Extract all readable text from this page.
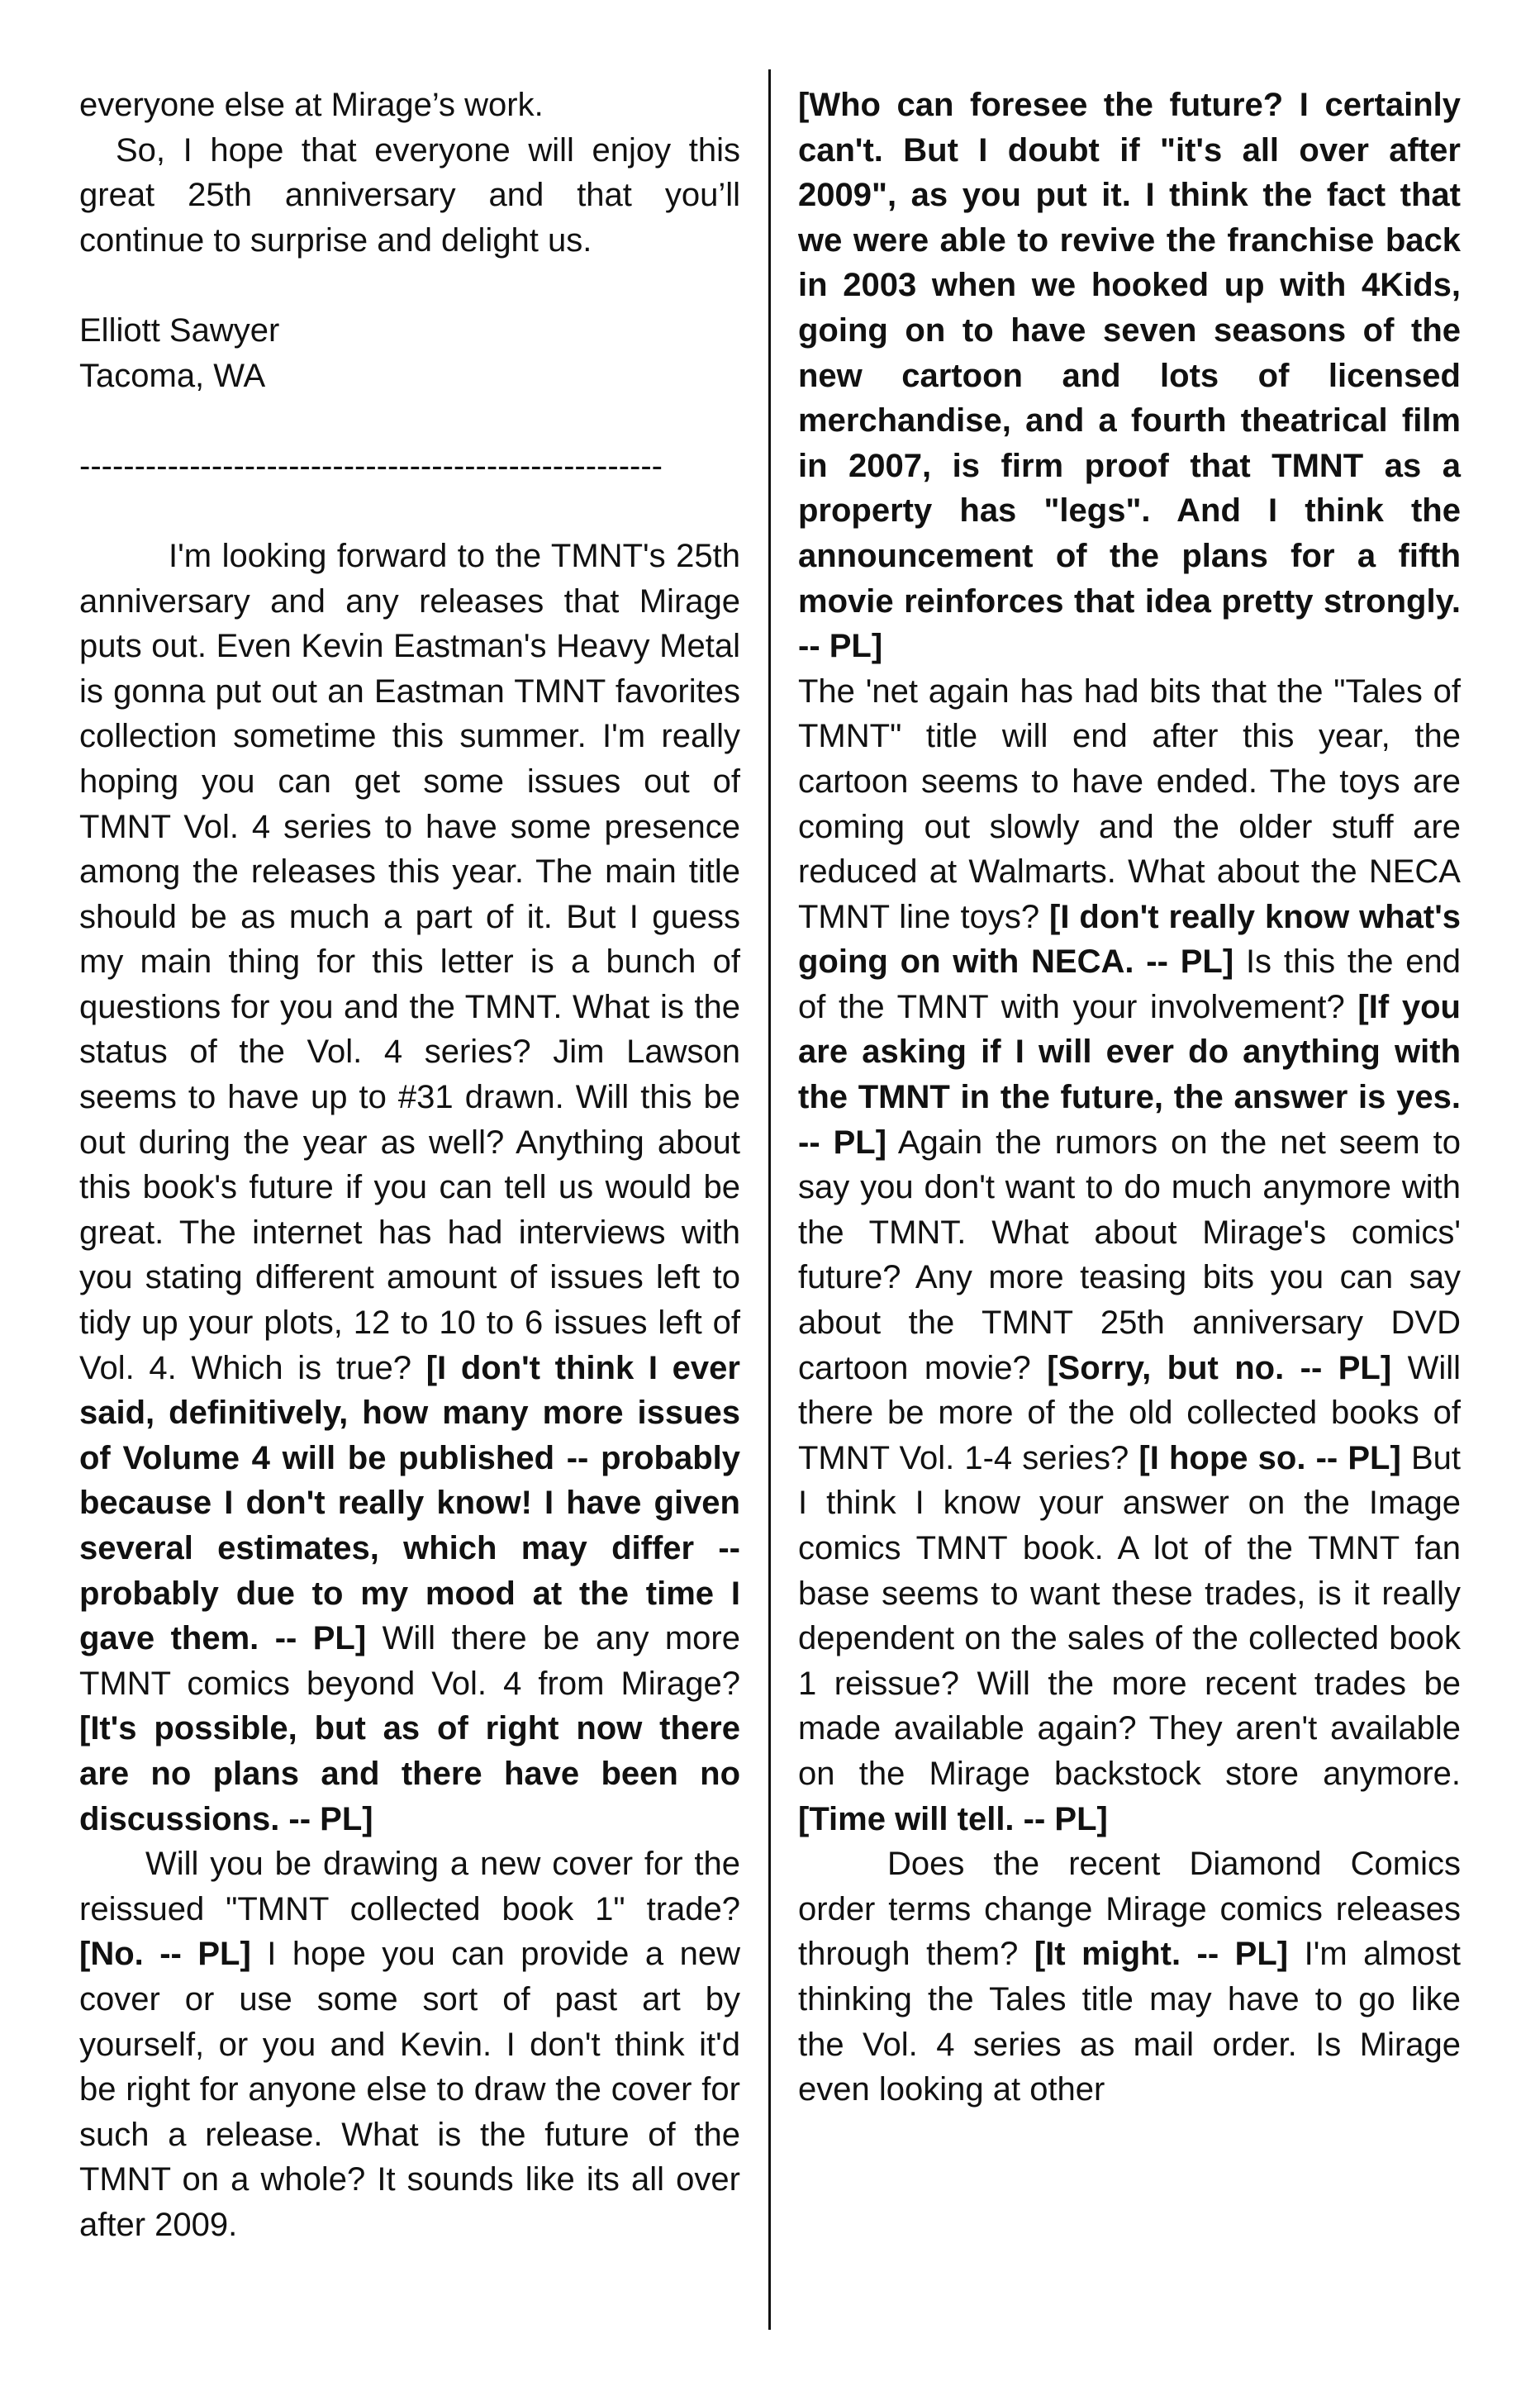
everyone else at Mirage’s work.

So, I hope that everyone will enjoy this great 25th anniversary and that you’ll continue to surprise and delight us.

Elliott Sawyer

Tacoma, WA

-----------------------------------------------------

I'm looking forward to the TMNT's 25th anniversary and any releases that Mirage puts out. Even Kevin Eastman's Heavy Metal is gonna put out an Eastman TMNT favorites collection sometime this summer. I'm really hoping you can get some issues out of TMNT Vol. 4 series to have some presence among the releases this year. The main title should be as much a part of it. But I guess my main thing for this letter is a bunch of questions for you and the TMNT. What is the status of the Vol. 4 series? Jim Lawson seems to have up to #31 drawn. Will this be out during the year as well? Anything about this book's future if you can tell us would be great. The internet has had interviews with you stating different amount of issues left to tidy up your plots, 12 to 10 to 6 issues left of Vol. 4. Which is true? [I don't think I ever said, definitively, how many more issues of Volume 4 will be published -- probably because I don't really know! I have given several estimates, which may differ -- probably due to my mood at the time I gave them. -- PL] Will there be any more TMNT comics beyond Vol. 4 from Mirage? [It's possible, but as of right now there are no plans and there have been no discussions. -- PL]

Will you be drawing a new cover for the reissued "TMNT collected book 1" trade? [No. -- PL] I hope you can provide a new cover or use some sort of past art by yourself, or you and Kevin. I don't think it'd be right for anyone else to draw the cover for such a release. What is the future of the TMNT on a whole? It sounds like its all over after 2009.

[Who can foresee the future? I certainly can't. But I doubt if "it's all over after 2009", as you put it. I think the fact that we were able to revive the franchise back in 2003 when we hooked up with 4Kids, going on to have seven seasons of the new cartoon and lots of licensed merchandise, and a fourth theatrical film in 2007, is firm proof that TMNT as a property has "legs". And I think the announcement of the plans for a fifth movie reinforces that idea pretty strongly. -- PL]

The 'net again has had bits that the "Tales of TMNT" title will end after this year, the cartoon seems to have ended. The toys are coming out slowly and the older stuff are reduced at Walmarts. What about the NECA TMNT line toys? [I don't really know what's going on with NECA. -- PL] Is this the end of the TMNT with your involvement? [If you are asking if I will ever do anything with the TMNT in the future, the answer is yes. -- PL] Again the rumors on the net seem to say you don't want to do much anymore with the TMNT. What about Mirage's comics' future? Any more teasing bits you can say about the TMNT 25th anniversary DVD cartoon movie? [Sorry, but no. -- PL] Will there be more of the old collected books of TMNT Vol. 1-4 series? [I hope so. -- PL] But I think I know your answer on the Image comics TMNT book. A lot of the TMNT fan base seems to want these trades, is it really dependent on the sales of the collected book 1 reissue? Will the more recent trades be made available again? They aren't available on the Mirage backstock store anymore. [Time will tell. -- PL]

Does the recent Diamond Comics order terms change Mirage comics releases through them? [It might. -- PL] I'm almost thinking the Tales title may have to go like the Vol. 4 series as mail order. Is Mirage even looking at other
